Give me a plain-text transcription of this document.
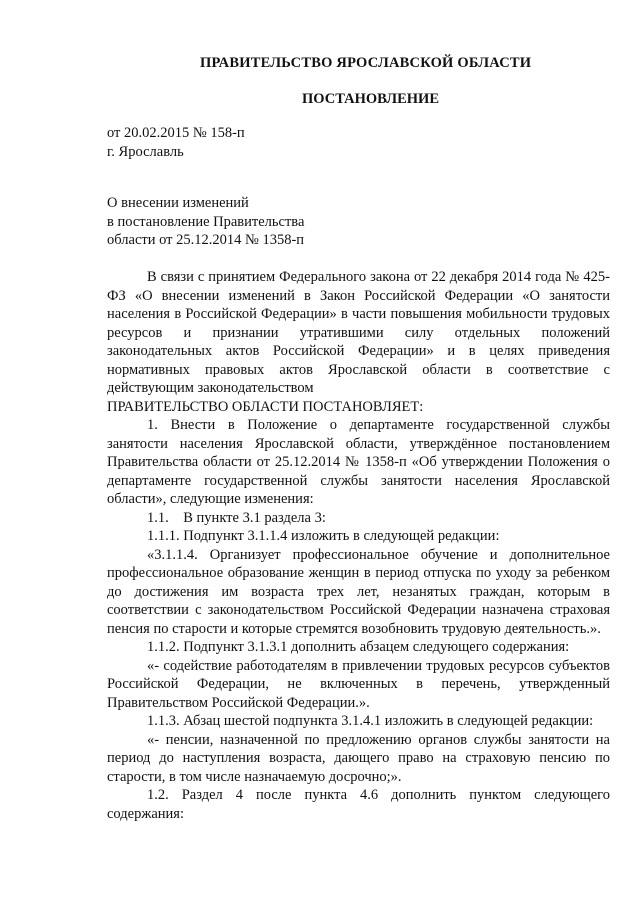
ПРАВИТЕЛЬСТВО ЯРОСЛАВСКОЙ ОБЛАСТИ
ПОСТАНОВЛЕНИЕ
от 20.02.2015 № 158-п
г. Ярославль
О внесении изменений
в постановление Правительства
области от 25.12.2014 № 1358-п

В связи с принятием Федерального закона от 22 декабря 2014 года № 425-ФЗ «О внесении изменений в Закон Российской Федерации «О занятости населения в Российской Федерации» в части повышения мобильности трудовых ресурсов и признании утратившими силу отдельных положений законодательных актов Российской Федерации» и в целях приведения нормативных правовых актов Ярославской области в соответствие с действующим законодательством

ПРАВИТЕЛЬСТВО ОБЛАСТИ ПОСТАНОВЛЯЕТ:

1. Внести в Положение о департаменте государственной службы занятости населения Ярославской области, утверждённое постановлением Правительства области от 25.12.2014 № 1358-п «Об утверждении Положения о департаменте государственной службы занятости населения Ярославской области», следующие изменения:

1.1.    В пункте 3.1 раздела 3:

1.1.1. Подпункт 3.1.1.4 изложить в следующей редакции:

«3.1.1.4. Организует профессиональное обучение и дополнительное профессиональное образование женщин в период отпуска по уходу за ребенком до достижения им возраста трех лет, незанятых граждан, которым в соответствии с законодательством Российской Федерации назначена страховая пенсия по старости и которые стремятся возобновить трудовую деятельность.».

1.1.2. Подпункт 3.1.3.1 дополнить абзацем следующего содержания:

«- содействие работодателям в привлечении трудовых ресурсов субъектов Российской Федерации, не включенных в перечень, утвержденный Правительством Российской Федерации.».

1.1.3. Абзац шестой подпункта 3.1.4.1 изложить в следующей редакции:

«- пенсии, назначенной по предложению органов службы занятости на период до наступления возраста, дающего право на страховую пенсию по старости, в том числе назначаемую досрочно;».

1.2. Раздел 4 после пункта 4.6 дополнить пунктом следующего содержания:
